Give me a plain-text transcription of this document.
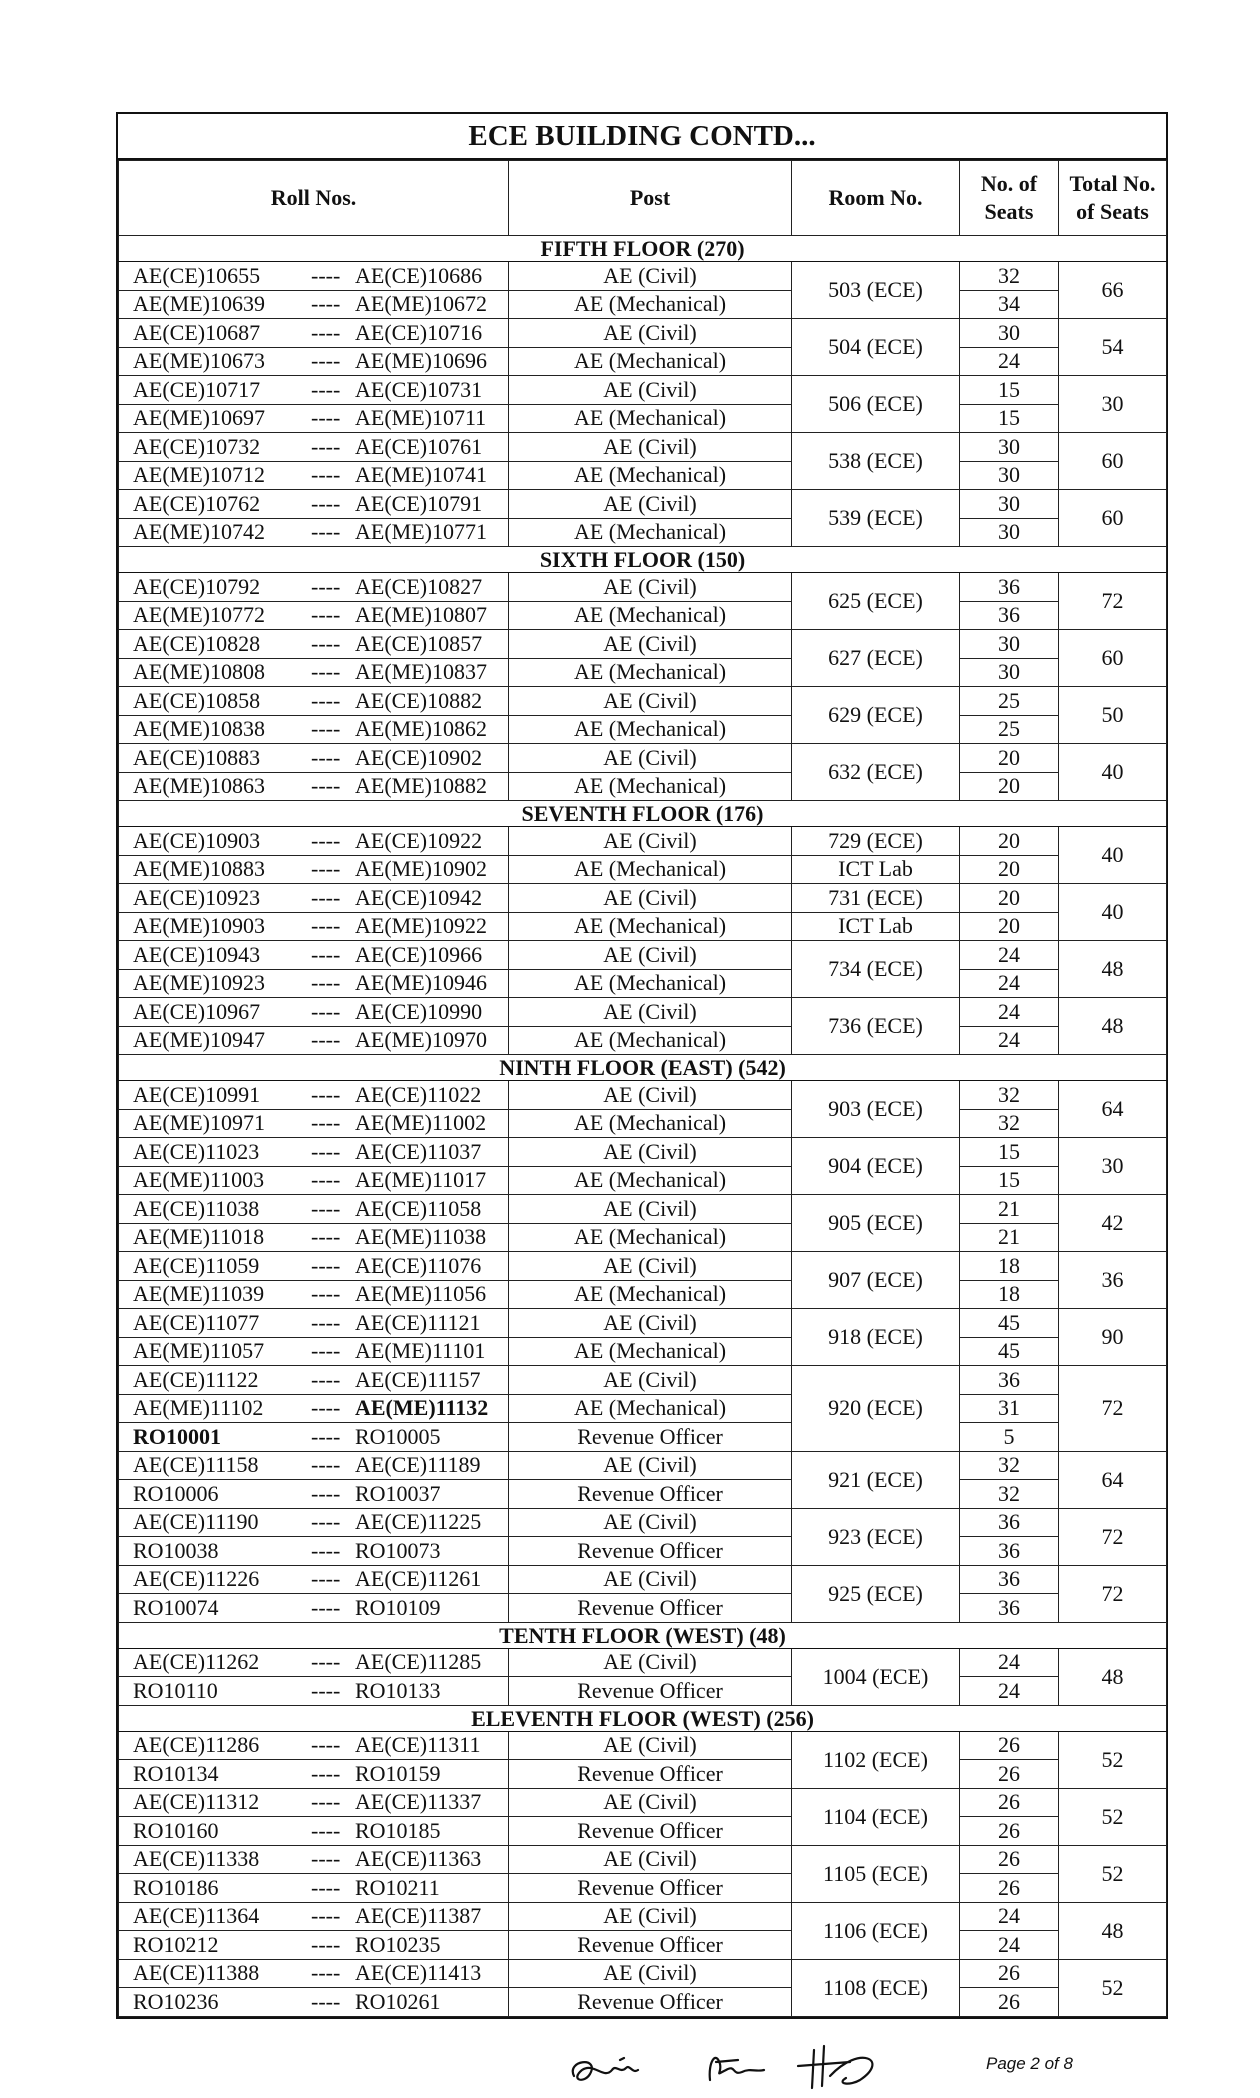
ECE BUILDING CONTD...
Roll Nos.	Post	Room No.	No. of Seats	Total No. of Seats
FIFTH FLOOR (270)				
AE(CE)10655 ---- AE(CE)10686	AE (Civil)	503 (ECE)	32	66
AE(ME)10639 ---- AE(ME)10672	AE (Mechanical)		34	
AE(CE)10687 ---- AE(CE)10716	AE (Civil)	504 (ECE)	30	54
AE(ME)10673 ---- AE(ME)10696	AE (Mechanical)		24	
AE(CE)10717 ---- AE(CE)10731	AE (Civil)	506 (ECE)	15	30
AE(ME)10697 ---- AE(ME)10711	AE (Mechanical)		15	
AE(CE)10732 ---- AE(CE)10761	AE (Civil)	538 (ECE)	30	60
AE(ME)10712 ---- AE(ME)10741	AE (Mechanical)		30	
AE(CE)10762 ---- AE(CE)10791	AE (Civil)	539 (ECE)	30	60
AE(ME)10742 ---- AE(ME)10771	AE (Mechanical)		30	
SIXTH FLOOR (150)				
AE(CE)10792 ---- AE(CE)10827	AE (Civil)	625 (ECE)	36	72
AE(ME)10772 ---- AE(ME)10807	AE (Mechanical)		36	
AE(CE)10828 ---- AE(CE)10857	AE (Civil)	627 (ECE)	30	60
AE(ME)10808 ---- AE(ME)10837	AE (Mechanical)		30	
AE(CE)10858 ---- AE(CE)10882	AE (Civil)	629 (ECE)	25	50
AE(ME)10838 ---- AE(ME)10862	AE (Mechanical)		25	
AE(CE)10883 ---- AE(CE)10902	AE (Civil)	632 (ECE)	20	40
AE(ME)10863 ---- AE(ME)10882	AE (Mechanical)		20	
SEVENTH FLOOR (176)				
AE(CE)10903 ---- AE(CE)10922	AE (Civil)	729 (ECE)	20	40
AE(ME)10883 ---- AE(ME)10902	AE (Mechanical)	ICT Lab	20	
AE(CE)10923 ---- AE(CE)10942	AE (Civil)	731 (ECE)	20	40
AE(ME)10903 ---- AE(ME)10922	AE (Mechanical)	ICT Lab	20	
AE(CE)10943 ---- AE(CE)10966	AE (Civil)	734 (ECE)	24	48
AE(ME)10923 ---- AE(ME)10946	AE (Mechanical)		24	
AE(CE)10967 ---- AE(CE)10990	AE (Civil)	736 (ECE)	24	48
AE(ME)10947 ---- AE(ME)10970	AE (Mechanical)		24	
NINTH FLOOR (EAST) (542)				
AE(CE)10991 ---- AE(CE)11022	AE (Civil)	903 (ECE)	32	64
AE(ME)10971 ---- AE(ME)11002	AE (Mechanical)		32	
AE(CE)11023 ---- AE(CE)11037	AE (Civil)	904 (ECE)	15	30
AE(ME)11003 ---- AE(ME)11017	AE (Mechanical)		15	
AE(CE)11038 ---- AE(CE)11058	AE (Civil)	905 (ECE)	21	42
AE(ME)11018 ---- AE(ME)11038	AE (Mechanical)		21	
AE(CE)11059 ---- AE(CE)11076	AE (Civil)	907 (ECE)	18	36
AE(ME)11039 ---- AE(ME)11056	AE (Mechanical)		18	
AE(CE)11077 ---- AE(CE)11121	AE (Civil)	918 (ECE)	45	90
AE(ME)11057 ---- AE(ME)11101	AE (Mechanical)		45	
AE(CE)11122 ---- AE(CE)11157	AE (Civil)	920 (ECE)	36	72
AE(ME)11102 ---- AE(ME)11132	AE (Mechanical)		31	
RO10001 ---- RO10005	Revenue Officer		5	
AE(CE)11158 ---- AE(CE)11189	AE (Civil)	921 (ECE)	32	64
RO10006 ---- RO10037	Revenue Officer		32	
AE(CE)11190 ---- AE(CE)11225	AE (Civil)	923 (ECE)	36	72
RO10038 ---- RO10073	Revenue Officer		36	
AE(CE)11226 ---- AE(CE)11261	AE (Civil)	925 (ECE)	36	72
RO10074 ---- RO10109	Revenue Officer		36	
TENTH FLOOR (WEST) (48)				
AE(CE)11262 ---- AE(CE)11285	AE (Civil)	1004 (ECE)	24	48
RO10110 ---- RO10133	Revenue Officer		24	
ELEVENTH FLOOR (WEST) (256)				
AE(CE)11286 ---- AE(CE)11311	AE (Civil)	1102 (ECE)	26	52
RO10134 ---- RO10159	Revenue Officer		26	
AE(CE)11312 ---- AE(CE)11337	AE (Civil)	1104 (ECE)	26	52
RO10160 ---- RO10185	Revenue Officer		26	
AE(CE)11338 ---- AE(CE)11363	AE (Civil)	1105 (ECE)	26	52
RO10186 ---- RO10211	Revenue Officer		26	
AE(CE)11364 ---- AE(CE)11387	AE (Civil)	1106 (ECE)	24	48
RO10212 ---- RO10235	Revenue Officer		24	
AE(CE)11388 ---- AE(CE)11413	AE (Civil)	1108 (ECE)	26	52
RO10236 ---- RO10261	Revenue Officer		26	
Page 2 of 8
